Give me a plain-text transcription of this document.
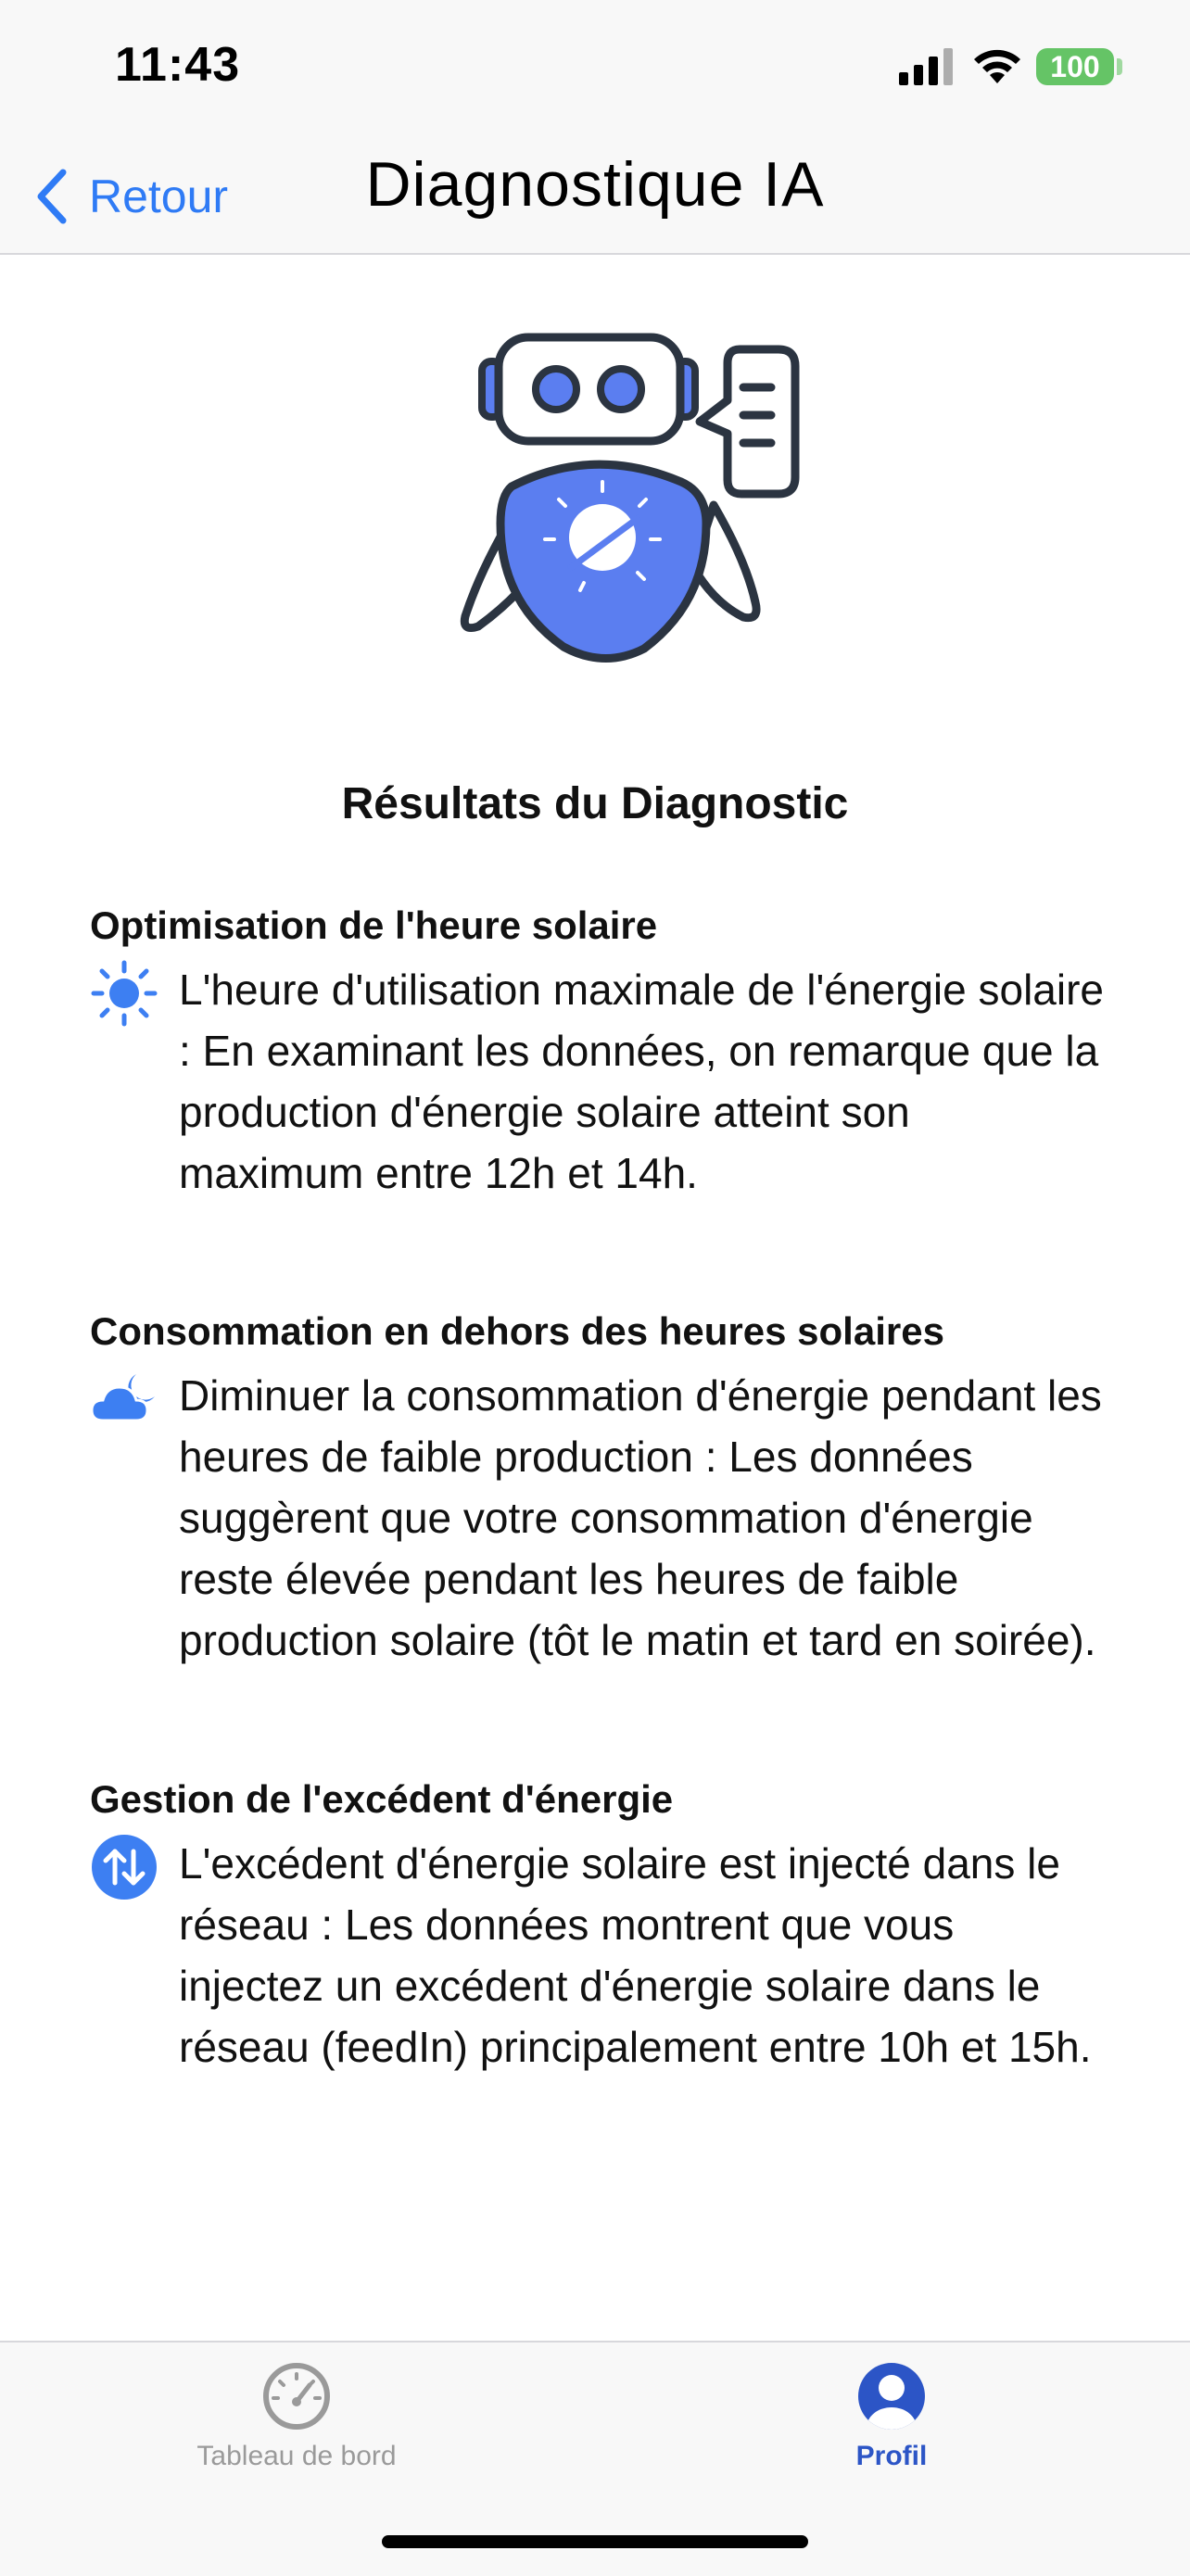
11:43	100
Retour	Diagnostique IA
Résultats du Diagnostic
Optimisation de l'heure solaire
L'heure d'utilisation maximale de l'énergie solaire : En examinant les données, on remarque que la production d'énergie solaire atteint son maximum entre 12h et 14h.
Consommation en dehors des heures solaires
Diminuer la consommation d'énergie pendant les heures de faible production : Les données suggèrent que votre consommation d'énergie reste élevée pendant les heures de faible production solaire (tôt le matin et tard en soirée).
Gestion de l'excédent d'énergie
L'excédent d'énergie solaire est injecté dans le réseau : Les données montrent que vous injectez un excédent d'énergie solaire dans le réseau (feedIn) principalement entre 10h et 15h.
Tableau de bord	Profil
